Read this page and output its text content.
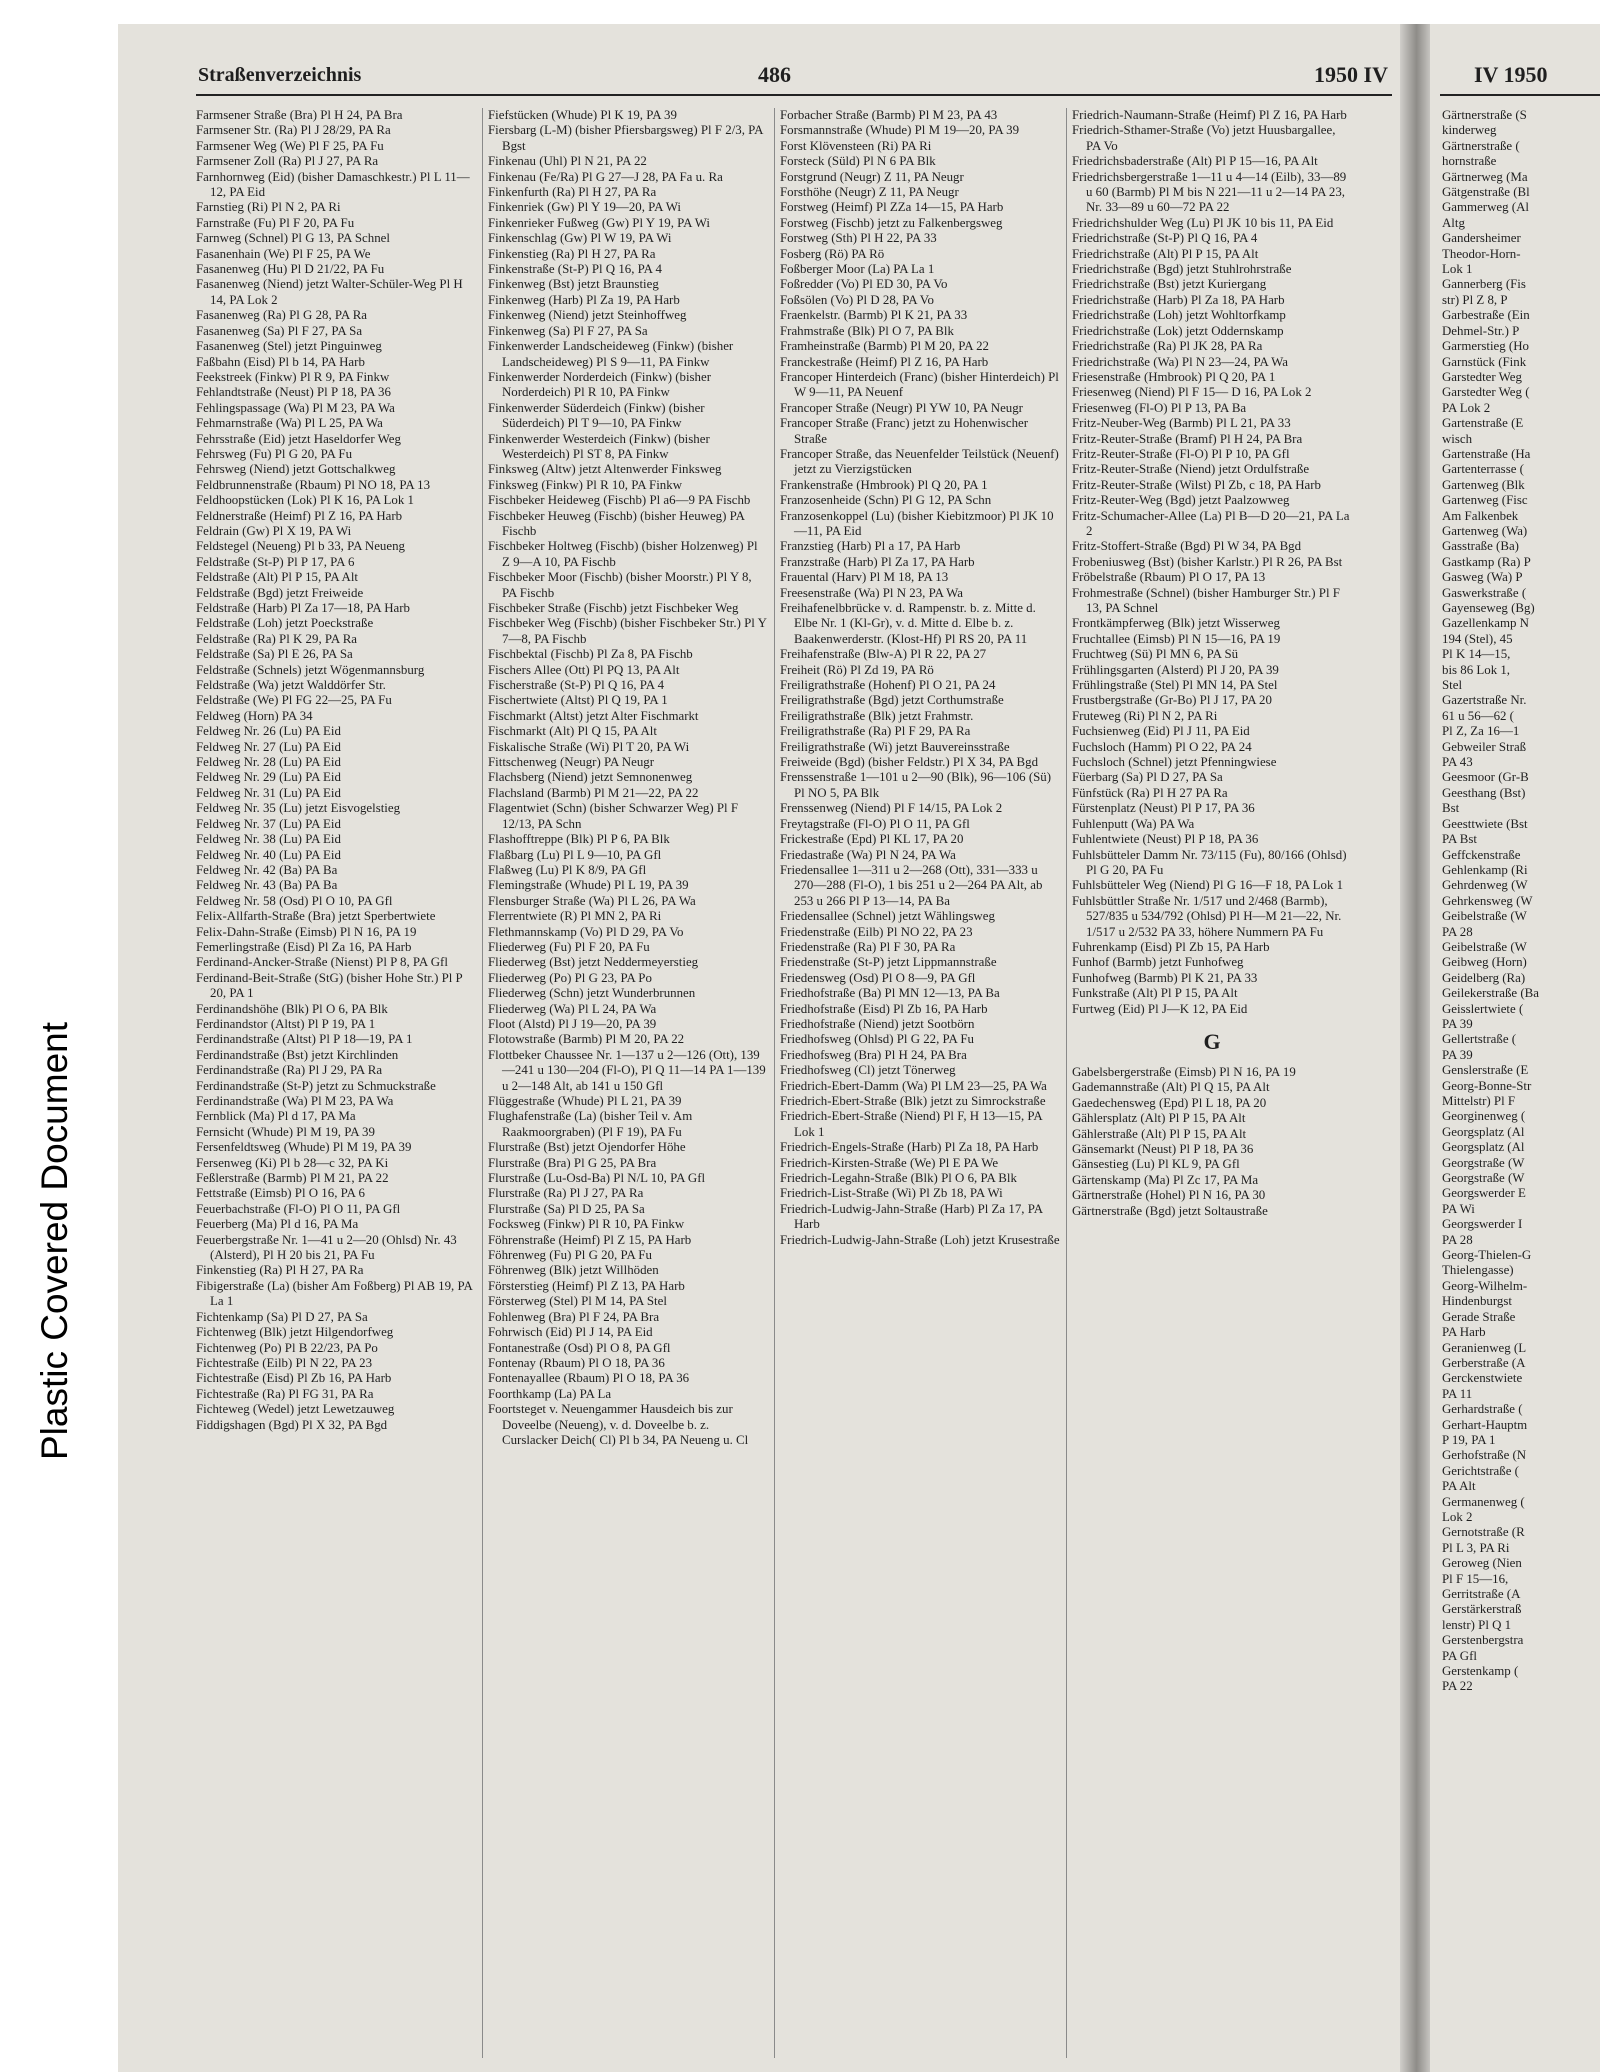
Plastic Covered Document
Straßenverzeichnis	486	1950 IV
Farmsener Straße (Bra) Pl H 24, PA Bra
Farmsener Str. (Ra) Pl J 28/29, PA Ra
Farmsener Weg (We) Pl F 25, PA Fu
Farmsener Zoll (Ra) Pl J 27, PA Ra
Farnhornweg (Eid) (bisher Damaschkestr.) Pl L 11—12, PA Eid
Farnstieg (Ri) Pl N 2, PA Ri
Farnstraße (Fu) Pl F 20, PA Fu
Farnweg (Schnel) Pl G 13, PA Schnel
Fasanenhain (We) Pl F 25, PA We
Fasanenweg (Hu) Pl D 21/22, PA Fu
Fasanenweg (Niend) jetzt Walter-Schüler-Weg Pl H 14, PA Lok 2
Fasanenweg (Ra) Pl G 28, PA Ra
Fasanenweg (Sa) Pl F 27, PA Sa
Fasanenweg (Stel) jetzt Pinguinweg
Faßbahn (Eisd) Pl b 14, PA Harb
Feekstreek (Finkw) Pl R 9, PA Finkw
Fehlandtstraße (Neust) Pl P 18, PA 36
Fehlingspassage (Wa) Pl M 23, PA Wa
Fehmarnstraße (Wa) Pl L 25, PA Wa
Fehrsstraße (Eid) jetzt Haseldorfer Weg
Fehrsweg (Fu) Pl G 20, PA Fu
Fehrsweg (Niend) jetzt Gottschalkweg
Feldbrunnenstraße (Rbaum) Pl NO 18, PA 13
Feldhoopstücken (Lok) Pl K 16, PA Lok 1
Feldnerstraße (Heimf) Pl Z 16, PA Harb
Feldrain (Gw) Pl X 19, PA Wi
Feldstegel (Neueng) Pl b 33, PA Neueng
Feldstraße (St-P) Pl P 17, PA 6
Feldstraße (Alt) Pl P 15, PA Alt
Feldstraße (Bgd) jetzt Freiweide
Feldstraße (Harb) Pl Za 17—18, PA Harb
Feldstraße (Loh) jetzt Poeckstraße
Feldstraße (Ra) Pl K 29, PA Ra
Feldstraße (Sa) Pl E 26, PA Sa
Feldstraße (Schnels) jetzt Wögenmannsburg
Feldstraße (Wa) jetzt Walddörfer Str.
Feldstraße (We) Pl FG 22—25, PA Fu
Feldweg (Horn) PA 34
Feldweg Nr. 26 (Lu) PA Eid
Feldweg Nr. 27 (Lu) PA Eid
Feldweg Nr. 28 (Lu) PA Eid
Feldweg Nr. 29 (Lu) PA Eid
Feldweg Nr. 31 (Lu) PA Eid
Feldweg Nr. 35 (Lu) jetzt Eisvogelstieg
Feldweg Nr. 37 (Lu) PA Eid
Feldweg Nr. 38 (Lu) PA Eid
Feldweg Nr. 40 (Lu) PA Eid
Feldweg Nr. 42 (Ba) PA Ba
Feldweg Nr. 43 (Ba) PA Ba
Feldweg Nr. 58 (Osd) Pl O 10, PA Gfl
Felix-Allfarth-Straße (Bra) jetzt Sperbertwiete
Felix-Dahn-Straße (Eimsb) Pl N 16, PA 19
Femerlingstraße (Eisd) Pl Za 16, PA Harb
Ferdinand-Ancker-Straße (Nienst) Pl P 8, PA Gfl
Ferdinand-Beit-Straße (StG) (bisher Hohe Str.) Pl P 20, PA 1
Ferdinandshöhe (Blk) Pl O 6, PA Blk
Ferdinandstor (Altst) Pl P 19, PA 1
Ferdinandstraße (Altst) Pl P 18—19, PA 1
Ferdinandstraße (Bst) jetzt Kirchlinden
Ferdinandstraße (Ra) Pl J 29, PA Ra
Ferdinandstraße (St-P) jetzt zu Schmuckstraße
Ferdinandstraße (Wa) Pl M 23, PA Wa
Fernblick (Ma) Pl d 17, PA Ma
Fernsicht (Whude) Pl M 19, PA 39
Fersenfeldtsweg (Whude) Pl M 19, PA 39
Fersenweg (Ki) Pl b 28—c 32, PA Ki
Feßlerstraße (Barmb) Pl M 21, PA 22
Fettstraße (Eimsb) Pl O 16, PA 6
Feuerbachstraße (Fl-O) Pl O 11, PA Gfl
Feuerberg (Ma) Pl d 16, PA Ma
Feuerbergstraße Nr. 1—41 u 2—20 (Ohlsd) Nr. 43 (Alsterd), Pl H 20 bis 21, PA Fu
Finkenstieg (Ra) Pl H 27, PA Ra
Fibigerstraße (La) (bisher Am Foßberg) Pl AB 19, PA La 1
Fichtenkamp (Sa) Pl D 27, PA Sa
Fichtenweg (Blk) jetzt Hilgendorfweg
Fichtenweg (Po) Pl B 22/23, PA Po
Fichtestraße (Eilb) Pl N 22, PA 23
Fichtestraße (Eisd) Pl Zb 16, PA Harb
Fichtestraße (Ra) Pl FG 31, PA Ra
Fichteweg (Wedel) jetzt Lewetzauweg
Fiddigshagen (Bgd) Pl X 32, PA Bgd
Fiefstücken (Whude) Pl K 19, PA 39
Fiersbarg (L-M) (bisher Pfiersbargsweg) Pl F 2/3, PA Bgst
Finkenau (Uhl) Pl N 21, PA 22
Finkenau (Fe/Ra) Pl G 27—J 28, PA Fa u. Ra
Finkenfurth (Ra) Pl H 27, PA Ra
Finkenriek (Gw) Pl Y 19—20, PA Wi
Finkenrieker Fußweg (Gw) Pl Y 19, PA Wi
Finkenschlag (Gw) Pl W 19, PA Wi
Finkenstieg (Ra) Pl H 27, PA Ra
Finkenstraße (St-P) Pl Q 16, PA 4
Finkenweg (Bst) jetzt Braunstieg
Finkenweg (Harb) Pl Za 19, PA Harb
Finkenweg (Niend) jetzt Steinhoffweg
Finkenweg (Sa) Pl F 27, PA Sa
Finkenwerder Landscheideweg (Finkw) (bisher Landscheideweg) Pl S 9—11, PA Finkw
Finkenwerder Norderdeich (Finkw) (bisher Norderdeich) Pl R 10, PA Finkw
Finkenwerder Süderdeich (Finkw) (bisher Süderdeich) Pl T 9—10, PA Finkw
Finkenwerder Westerdeich (Finkw) (bisher Westerdeich) Pl ST 8, PA Finkw
Finksweg (Altw) jetzt Altenwerder Finksweg
Finksweg (Finkw) Pl R 10, PA Finkw
Fischbeker Heideweg (Fischb) Pl a6—9 PA Fischb
Fischbeker Heuweg (Fischb) (bisher Heuweg) PA Fischb
Fischbeker Holtweg (Fischb) (bisher Holzenweg) Pl Z 9—A 10, PA Fischb
Fischbeker Moor (Fischb) (bisher Moorstr.) Pl Y 8, PA Fischb
Fischbeker Straße (Fischb) jetzt Fischbeker Weg
Fischbeker Weg (Fischb) (bisher Fischbeker Str.) Pl Y 7—8, PA Fischb
Fischbektal (Fischb) Pl Za 8, PA Fischb
Fischers Allee (Ott) Pl PQ 13, PA Alt
Fischerstraße (St-P) Pl Q 16, PA 4
Fischertwiete (Altst) Pl Q 19, PA 1
Fischmarkt (Altst) jetzt Alter Fischmarkt
Fischmarkt (Alt) Pl Q 15, PA Alt
Fiskalische Straße (Wi) Pl T 20, PA Wi
Fittschenweg (Neugr) PA Neugr
Flachsberg (Niend) jetzt Semnonenweg
Flachsland (Barmb) Pl M 21—22, PA 22
Flagentwiet (Schn) (bisher Schwarzer Weg) Pl F 12/13, PA Schn
Flashofftreppe (Blk) Pl P 6, PA Blk
Flaßbarg (Lu) Pl L 9—10, PA Gfl
Flaßweg (Lu) Pl K 8/9, PA Gfl
Flemingstraße (Whude) Pl L 19, PA 39
Flensburger Straße (Wa) Pl L 26, PA Wa
Flerrentwiete (R) Pl MN 2, PA Ri
Flethmannskamp (Vo) Pl D 29, PA Vo
Fliederweg (Fu) Pl F 20, PA Fu
Fliederweg (Bst) jetzt Neddermeyerstieg
Fliederweg (Po) Pl G 23, PA Po
Fliederweg (Schn) jetzt Wunderbrunnen
Fliederweg (Wa) Pl L 24, PA Wa
Floot (Alstd) Pl J 19—20, PA 39
Flotowstraße (Barmb) Pl M 20, PA 22
Flottbeker Chaussee Nr. 1—137 u 2—126 (Ott), 139—241 u 130—204 (Fl-O), Pl Q 11—14 PA 1—139 u 2—148 Alt, ab 141 u 150 Gfl
Flüggestraße (Whude) Pl L 21, PA 39
Flughafenstraße (La) (bisher Teil v. Am Raakmoorgraben) (Pl F 19), PA Fu
Flurstraße (Bst) jetzt Ojendorfer Höhe
Flurstraße (Bra) Pl G 25, PA Bra
Flurstraße (Lu-Osd-Ba) Pl N/L 10, PA Gfl
Flurstraße (Ra) Pl J 27, PA Ra
Flurstraße (Sa) Pl D 25, PA Sa
Focksweg (Finkw) Pl R 10, PA Finkw
Föhrenstraße (Heimf) Pl Z 15, PA Harb
Föhrenweg (Fu) Pl G 20, PA Fu
Föhrenweg (Blk) jetzt Willhöden
Försterstieg (Heimf) Pl Z 13, PA Harb
Försterweg (Stel) Pl M 14, PA Stel
Fohlenweg (Bra) Pl F 24, PA Bra
Fohrwisch (Eid) Pl J 14, PA Eid
Fontanestraße (Osd) Pl O 8, PA Gfl
Fontenay (Rbaum) Pl O 18, PA 36
Fontenayallee (Rbaum) Pl O 18, PA 36
Foorthkamp (La) PA La
Foortsteget v. Neuengammer Hausdeich bis zur Doveelbe (Neueng), v. d. Doveelbe b. z. Curslacker Deich( Cl) Pl b 34, PA Neueng u. Cl
Forbacher Straße (Barmb) Pl M 23, PA 43
Forsmannstraße (Whude) Pl M 19—20, PA 39
Forst Klövensteen (Ri) PA Ri
Forsteck (Süld) Pl N 6 PA Blk
Forstgrund (Neugr) Z 11, PA Neugr
Forsthöhe (Neugr) Z 11, PA Neugr
Forstweg (Heimf) Pl ZZa 14—15, PA Harb
Forstweg (Fischb) jetzt zu Falkenbergsweg
Forstweg (Sth) Pl H 22, PA 33
Fosberg (Rö) PA Rö
Foßberger Moor (La) PA La 1
Foßredder (Vo) Pl ED 30, PA Vo
Foßsölen (Vo) Pl D 28, PA Vo
Fraenkelstr. (Barmb) Pl K 21, PA 33
Frahmstraße (Blk) Pl O 7, PA Blk
Framheinstraße (Barmb) Pl M 20, PA 22
Franckestraße (Heimf) Pl Z 16, PA Harb
Francoper Hinterdeich (Franc) (bisher Hinterdeich) Pl W 9—11, PA Neuenf
Francoper Straße (Neugr) Pl YW 10, PA Neugr
Francoper Straße (Franc) jetzt zu Hohenwischer Straße
Francoper Straße, das Neuenfelder Teilstück (Neuenf) jetzt zu Vierzigstücken
Frankenstraße (Hmbrook) Pl Q 20, PA 1
Franzosenheide (Schn) Pl G 12, PA Schn
Franzosenkoppel (Lu) (bisher Kiebitzmoor) Pl JK 10—11, PA Eid
Franzstieg (Harb) Pl a 17, PA Harb
Franzstraße (Harb) Pl Za 17, PA Harb
Frauental (Harv) Pl M 18, PA 13
Freesenstraße (Wa) Pl N 23, PA Wa
Freihafenelbbrücke v. d. Rampenstr. b. z. Mitte d. Elbe Nr. 1 (Kl-Gr), v. d. Mitte d. Elbe b. z. Baakenwerderstr. (Klost-Hf) Pl RS 20, PA 11
Freihafenstraße (Blw-A) Pl R 22, PA 27
Freiheit (Rö) Pl Zd 19, PA Rö
Freiligrathstraße (Hohenf) Pl O 21, PA 24
Freiligrathstraße (Bgd) jetzt Corthumstraße
Freiligrathstraße (Blk) jetzt Frahmstr.
Freiligrathstraße (Ra) Pl F 29, PA Ra
Freiligrathstraße (Wi) jetzt Bauvereinsstraße
Freiweide (Bgd) (bisher Feldstr.) Pl X 34, PA Bgd
Frenssenstraße 1—101 u 2—90 (Blk), 96—106 (Sü) Pl NO 5, PA Blk
Frenssenweg (Niend) Pl F 14/15, PA Lok 2
Freytagstraße (Fl-O) Pl O 11, PA Gfl
Frickestraße (Epd) Pl KL 17, PA 20
Friedastraße (Wa) Pl N 24, PA Wa
Friedensallee 1—311 u 2—268 (Ott), 331—333 u 270—288 (Fl-O), 1 bis 251 u 2—264 PA Alt, ab 253 u 266 Pl P 13—14, PA Ba
Friedensallee (Schnel) jetzt Wählingsweg
Friedenstraße (Eilb) Pl NO 22, PA 23
Friedenstraße (Ra) Pl F 30, PA Ra
Friedenstraße (St-P) jetzt Lippmannstraße
Friedensweg (Osd) Pl O 8—9, PA Gfl
Friedhofstraße (Ba) Pl MN 12—13, PA Ba
Friedhofstraße (Eisd) Pl Zb 16, PA Harb
Friedhofstraße (Niend) jetzt Sootbörn
Friedhofsweg (Ohlsd) Pl G 22, PA Fu
Friedhofsweg (Bra) Pl H 24, PA Bra
Friedhofsweg (Cl) jetzt Tönerweg
Friedrich-Ebert-Damm (Wa) Pl LM 23—25, PA Wa
Friedrich-Ebert-Straße (Blk) jetzt zu Simrockstraße
Friedrich-Ebert-Straße (Niend) Pl F, H 13—15, PA Lok 1
Friedrich-Engels-Straße (Harb) Pl Za 18, PA Harb
Friedrich-Kirsten-Straße (We) Pl E PA We
Friedrich-Legahn-Straße (Blk) Pl O 6, PA Blk
Friedrich-List-Straße (Wi) Pl Zb 18, PA Wi
Friedrich-Ludwig-Jahn-Straße (Harb) Pl Za 17, PA Harb
Friedrich-Ludwig-Jahn-Straße (Loh) jetzt Krusestraße
Friedrich-Naumann-Straße (Heimf) Pl Z 16, PA Harb
Friedrich-Sthamer-Straße (Vo) jetzt Huusbargallee, PA Vo
Friedrichsbaderstraße (Alt) Pl P 15—16, PA Alt
Friedrichsbergerstraße 1—11 u 4—14 (Eilb), 33—89 u 60 (Barmb) Pl M bis N 221—11 u 2—14 PA 23, Nr. 33—89 u 60—72 PA 22
Friedrichshulder Weg (Lu) Pl JK 10 bis 11, PA Eid
Friedrichstraße (St-P) Pl Q 16, PA 4
Friedrichstraße (Alt) Pl P 15, PA Alt
Friedrichstraße (Bgd) jetzt Stuhlrohrstraße
Friedrichstraße (Bst) jetzt Kuriergang
Friedrichstraße (Harb) Pl Za 18, PA Harb
Friedrichstraße (Loh) jetzt Wohltorfkamp
Friedrichstraße (Lok) jetzt Oddernskamp
Friedrichstraße (Ra) Pl JK 28, PA Ra
Friedrichstraße (Wa) Pl N 23—24, PA Wa
Friesenstraße (Hmbrook) Pl Q 20, PA 1
Friesenweg (Niend) Pl F 15— D 16, PA Lok 2
Friesenweg (Fl-O) Pl P 13, PA Ba
Fritz-Neuber-Weg (Barmb) Pl L 21, PA 33
Fritz-Reuter-Straße (Bramf) Pl H 24, PA Bra
Fritz-Reuter-Straße (Fl-O) Pl P 10, PA Gfl
Fritz-Reuter-Straße (Niend) jetzt Ordulfstraße
Fritz-Reuter-Straße (Wilst) Pl Zb, c 18, PA Harb
Fritz-Reuter-Weg (Bgd) jetzt Paalzowweg
Fritz-Schumacher-Allee (La) Pl B—D 20—21, PA La 2
Fritz-Stoffert-Straße (Bgd) Pl W 34, PA Bgd
Frobeniusweg (Bst) (bisher Karlstr.) Pl R 26, PA Bst
Fröbelstraße (Rbaum) Pl O 17, PA 13
Frohmestraße (Schnel) (bisher Hamburger Str.) Pl F 13, PA Schnel
Frontkämpferweg (Blk) jetzt Wisserweg
Fruchtallee (Eimsb) Pl N 15—16, PA 19
Fruchtweg (Sü) Pl MN 6, PA Sü
Frühlingsgarten (Alsterd) Pl J 20, PA 39
Frühlingstraße (Stel) Pl MN 14, PA Stel
Frustbergstraße (Gr-Bo) Pl J 17, PA 20
Fruteweg (Ri) Pl N 2, PA Ri
Fuchsienweg (Eid) Pl J 11, PA Eid
Fuchsloch (Hamm) Pl O 22, PA 24
Fuchsloch (Schnel) jetzt Pfenningwiese
Füerbarg (Sa) Pl D 27, PA Sa
Fünfstück (Ra) Pl H 27 PA Ra
Fürstenplatz (Neust) Pl P 17, PA 36
Fuhlenputt (Wa) PA Wa
Fuhlentwiete (Neust) Pl P 18, PA 36
Fuhlsbütteler Damm Nr. 73/115 (Fu), 80/166 (Ohlsd) Pl G 20, PA Fu
Fuhlsbütteler Weg (Niend) Pl G 16—F 18, PA Lok 1
Fuhlsbüttler Straße Nr. 1/517 und 2/468 (Barmb), 527/835 u 534/792 (Ohlsd) Pl H—M 21—22, Nr. 1/517 u 2/532 PA 33, höhere Nummern PA Fu
Fuhrenkamp (Eisd) Pl Zb 15, PA Harb
Funhof (Barmb) jetzt Funhofweg
Funhofweg (Barmb) Pl K 21, PA 33
Funkstraße (Alt) Pl P 15, PA Alt
Furtweg (Eid) Pl J—K 12, PA Eid
G
Gabelsbergerstraße (Eimsb) Pl N 16, PA 19
Gademannstraße (Alt) Pl Q 15, PA Alt
Gaedechensweg (Epd) Pl L 18, PA 20
Gählersplatz (Alt) Pl P 15, PA Alt
Gählerstraße (Alt) Pl P 15, PA Alt
Gänsemarkt (Neust) Pl P 18, PA 36
Gänsestieg (Lu) Pl KL 9, PA Gfl
Gärtenskamp (Ma) Pl Zc 17, PA Ma
Gärtnerstraße (Hohel) Pl N 16, PA 30
Gärtnerstraße (Bgd) jetzt Soltaustraße
IV 1950
Gärtnerstraße (S
kinderweg
Gärtnerstraße (
hornstraße
Gärtnerweg (Ma
Gätgenstraße (Bl
Gammerweg (Al
Altg
Gandersheimer
Theodor-Horn-
Lok 1
Gannerberg (Fis
str) Pl Z 8, P
Garbestraße (Ein
Dehmel-Str.) P
Garmerstieg (Ho
Garnstück (Fink
Garstedter Weg
Garstedter Weg (
PA Lok 2
Gartenstraße (E
wisch
Gartenstraße (Ha
Gartenterrasse (
Gartenweg (Blk
Gartenweg (Fisc
Am Falkenbek
Gartenweg (Wa)
Gasstraße (Ba)
Gastkamp (Ra) P
Gasweg (Wa) P
Gaswerkstraße (
Gayenseweg (Bg)
Gazellenkamp N
194 (Stel), 45
Pl K 14—15,
bis 86 Lok 1,
Stel
Gazertstraße Nr.
61 u 56—62 (
Pl Z, Za 16—1
Gebweiler Straß
PA 43
Geesmoor (Gr-B
Geesthang (Bst)
Bst
Geesttwiete (Bst
PA Bst
Geffckenstraße
Gehlenkamp (Ri
Gehrdenweg (W
Gehrkensweg (W
Geibelstraße (W
PA 28
Geibelstraße (W
Geibweg (Horn)
Geidelberg (Ra)
Geilekerstraße (Ba
Geisslertwiete (
PA 39
Gellertstraße (
PA 39
Genslerstraße (E
Georg-Bonne-Str
Mittelstr) Pl F
Georginenweg (
Georgsplatz (Al
Georgsplatz (Al
Georgstraße (W
Georgstraße (W
Georgswerder E
PA Wi
Georgswerder I
PA 28
Georg-Thielen-G
Thielengasse)
Georg-Wilhelm-
Hindenburgst
Gerade Straße
PA Harb
Geranienweg (L
Gerberstraße (A
Gerckenstwiete
PA 11
Gerhardstraße (
Gerhart-Hauptm
P 19, PA 1
Gerhofstraße (N
Gerichtstraße (
PA Alt
Germanenweg (
Lok 2
Gernotstraße (R
Pl L 3, PA Ri
Geroweg (Nien
Pl F 15—16,
Gerritstraße (A
Gerstärkerstraß
lenstr) Pl Q 1
Gerstenbergstra
PA Gfl
Gerstenkamp (
PA 22
